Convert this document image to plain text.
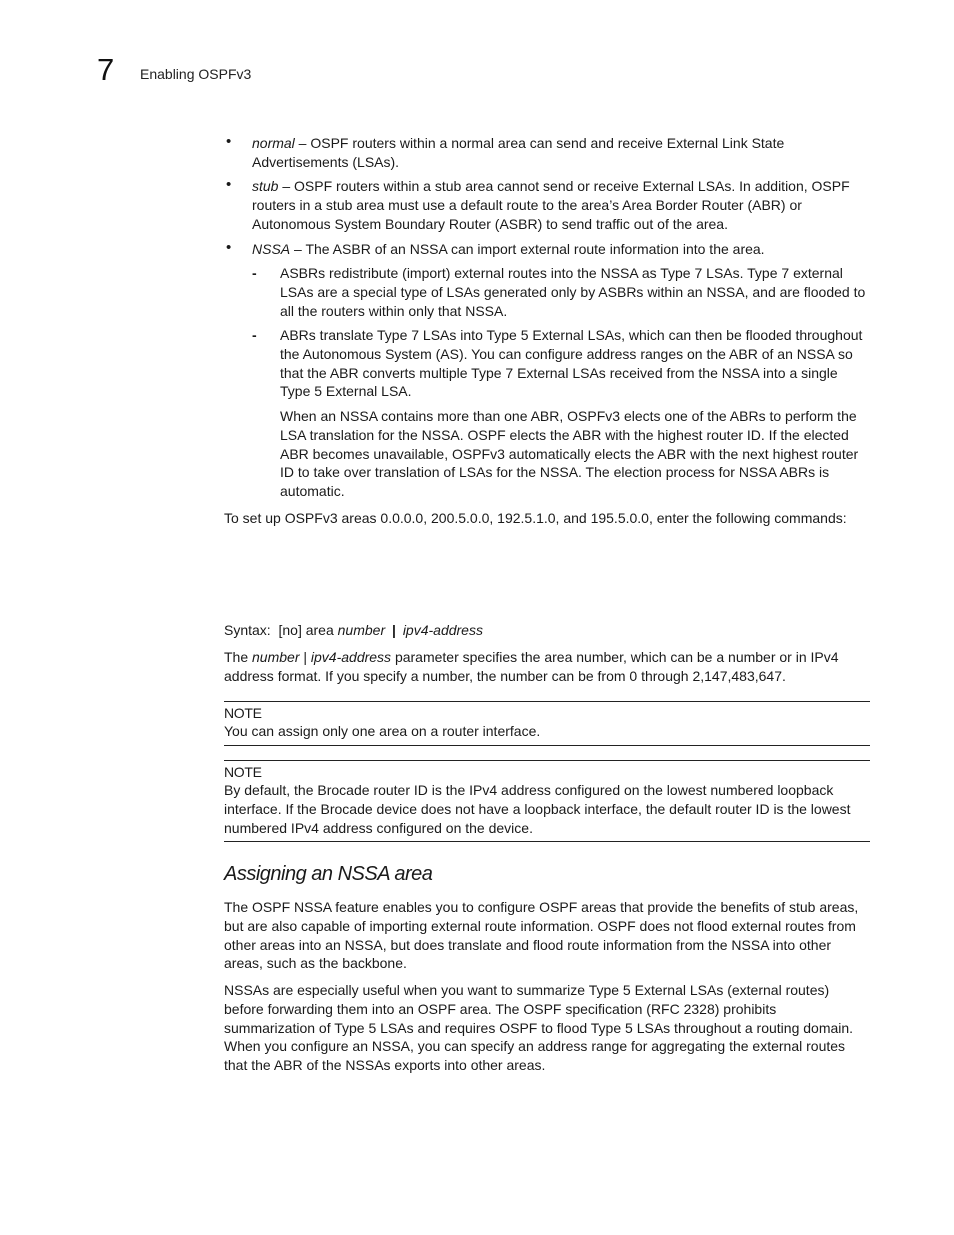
7 Enabling OSPFv3
• normal – OSPF routers within a normal area can send and receive External Link State Advertisements (LSAs).
• stub – OSPF routers within a stub area cannot send or receive External LSAs. In addition, OSPF routers in a stub area must use a default route to the area’s Area Border Router (ABR) or Autonomous System Boundary Router (ASBR) to send traffic out of the area.
• NSSA – The ASBR of an NSSA can import external route information into the area.
- ASBRs redistribute (import) external routes into the NSSA as Type 7 LSAs. Type 7 external LSAs are a special type of LSAs generated only by ASBRs within an NSSA, and are flooded to all the routers within only that NSSA.

- ABRs translate Type 7 LSAs into Type 5 External LSAs, which can then be flooded throughout the Autonomous System (AS). You can configure address ranges on the ABR of an NSSA so that the ABR converts multiple Type 7 External LSAs received from the NSSA into a single Type 5 External LSA.

When an NSSA contains more than one ABR, OSPFv3 elects one of the ABRs to perform the LSA translation for the NSSA. OSPF elects the ABR with the highest router ID. If the elected ABR becomes unavailable, OSPFv3 automatically elects the ABR with the next highest router ID to take over translation of LSAs for the NSSA. The election process for NSSA ABRs is automatic.

To set up OSPFv3 areas 0.0.0.0, 200.5.0.0, 192.5.1.0, and 195.5.0.0, enter the following commands:

Syntax: [no] area number | ipv4-address

The number | ipv4-address parameter specifies the area number, which can be a number or in IPv4 address format. If you specify a number, the number can be from 0 through 2,147,483,647.

NOTE

You can assign only one area on a router interface.

NOTE

By default, the Brocade router ID is the IPv4 address configured on the lowest numbered loopback interface. If the Brocade device does not have a loopback interface, the default router ID is the lowest numbered IPv4 address configured on the device.

Assigning an NSSA area

The OSPF NSSA feature enables you to configure OSPF areas that provide the benefits of stub areas, but are also capable of importing external route information. OSPF does not flood external routes from other areas into an NSSA, but does translate and flood route information from the NSSA into other areas, such as the backbone.

NSSAs are especially useful when you want to summarize Type 5 External LSAs (external routes) before forwarding them into an OSPF area. The OSPF specification (RFC 2328) prohibits summarization of Type 5 LSAs and requires OSPF to flood Type 5 LSAs throughout a routing domain. When you configure an NSSA, you can specify an address range for aggregating the external routes that the ABR of the NSSAs exports into other areas.
